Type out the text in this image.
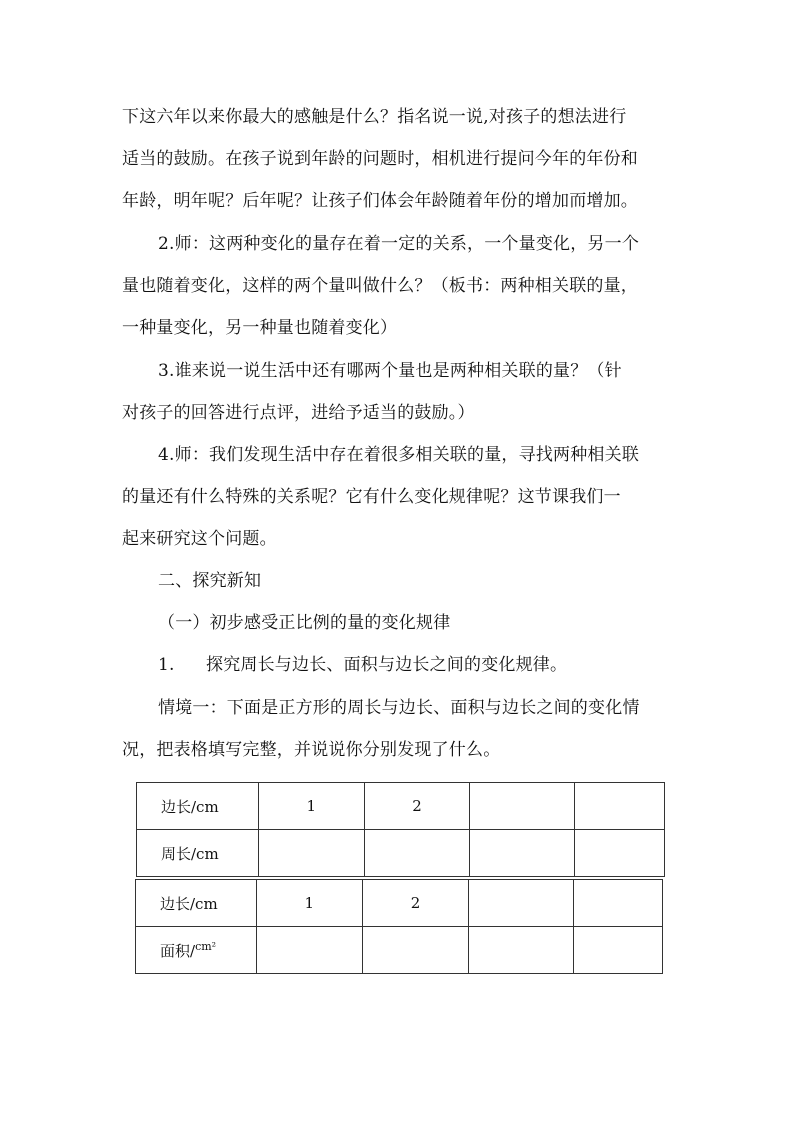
下这六年以来你最大的感触是什么？指名说一说,对孩子的想法进行
适当的鼓励。在孩子说到年龄的问题时，相机进行提问今年的年份和
年龄，明年呢？后年呢？让孩子们体会年龄随着年份的增加而增加。
2.师：这两种变化的量存在着一定的关系，一个量变化，另一个
量也随着变化，这样的两个量叫做什么？（板书：两种相关联的量，
一种量变化，另一种量也随着变化）
3.谁来说一说生活中还有哪两个量也是两种相关联的量？（针
对孩子的回答进行点评，进给予适当的鼓励。）
4.师：我们发现生活中存在着很多相关联的量，寻找两种相关联
的量还有什么特殊的关系呢？它有什么变化规律呢？这节课我们一
起来研究这个问题。
二、探究新知
（一）初步感受正比例的量的变化规律
1. 探究周长与边长、面积与边长之间的变化规律。
情境一：下面是正方形的周长与边长、面积与边长之间的变化情
况，把表格填写完整，并说说你分别发现了什么。
边长/cm	1	2		
周长/cm				
边长/cm	1	2		
面积/$^{cm^2}$				
